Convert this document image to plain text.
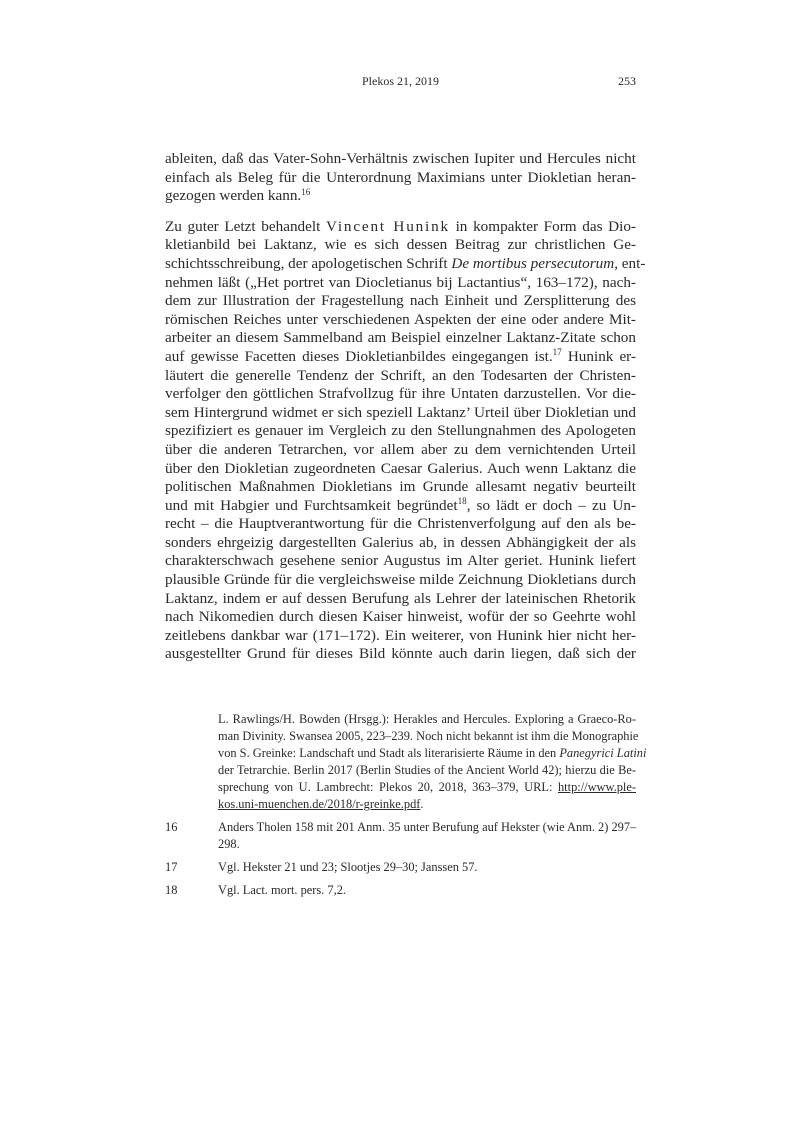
Plekos 21, 2019	253
ableiten, daß das Vater-Sohn-Verhältnis zwischen Iupiter und Hercules nicht
einfach als Beleg für die Unterordnung Maximians unter Diokletian heran-
gezogen werden kann.$^{16}$
Zu guter Letzt behandelt Vincent Hunink in kompakter Form das Dio-
kletianbild bei Laktanz, wie es sich dessen Beitrag zur christlichen Ge-
schichtsschreibung, der apologetischen Schrift De mortibus persecutorum, ent-
nehmen läßt („Het portret van Diocletianus bij Lactantius“, 163–172), nach-
dem zur Illustration der Fragestellung nach Einheit und Zersplitterung des
römischen Reiches unter verschiedenen Aspekten der eine oder andere Mit-
arbeiter an diesem Sammelband am Beispiel einzelner Laktanz-Zitate schon
auf gewisse Facetten dieses Diokletianbildes eingegangen ist.$^{17}$ Hunink er-
läutert die generelle Tendenz der Schrift, an den Todesarten der Christen-
verfolger den göttlichen Strafvollzug für ihre Untaten darzustellen. Vor die-
sem Hintergrund widmet er sich speziell Laktanz’ Urteil über Diokletian und
spezifiziert es genauer im Vergleich zu den Stellungnahmen des Apologeten
über die anderen Tetrarchen, vor allem aber zu dem vernichtenden Urteil
über den Diokletian zugeordneten Caesar Galerius. Auch wenn Laktanz die
politischen Maßnahmen Diokletians im Grunde allesamt negativ beurteilt
und mit Habgier und Furchtsamkeit begründet$^{18}$, so lädt er doch – zu Un-
recht – die Hauptverantwortung für die Christenverfolgung auf den als be-
sonders ehrgeizig dargestellten Galerius ab, in dessen Abhängigkeit der als
charakterschwach gesehene senior Augustus im Alter geriet. Hunink liefert
plausible Gründe für die vergleichsweise milde Zeichnung Diokletians durch
Laktanz, indem er auf dessen Berufung als Lehrer der lateinischen Rhetorik
nach Nikomedien durch diesen Kaiser hinweist, wofür der so Geehrte wohl
zeitlebens dankbar war (171–172). Ein weiterer, von Hunink hier nicht her-
ausgestellter Grund für dieses Bild könnte auch darin liegen, daß sich der
L. Rawlings/H. Bowden (Hrsgg.): Herakles and Hercules. Exploring a Graeco-Ro-
man Divinity. Swansea 2005, 223–239. Noch nicht bekannt ist ihm die Monographie
von S. Greinke: Landschaft und Stadt als literarisierte Räume in den Panegyrici Latini
der Tetrarchie. Berlin 2017 (Berlin Studies of the Ancient World 42); hierzu die Be-
sprechung von U. Lambrecht: Plekos 20, 2018, 363–379, URL: http://www.ple-
kos.uni-muenchen.de/2018/r-greinke.pdf.
16	Anders Tholen 158 mit 201 Anm. 35 unter Berufung auf Hekster (wie Anm. 2) 297–
298.
17	Vgl. Hekster 21 und 23; Slootjes 29–30; Janssen 57.
18	Vgl. Lact. mort. pers. 7,2.
